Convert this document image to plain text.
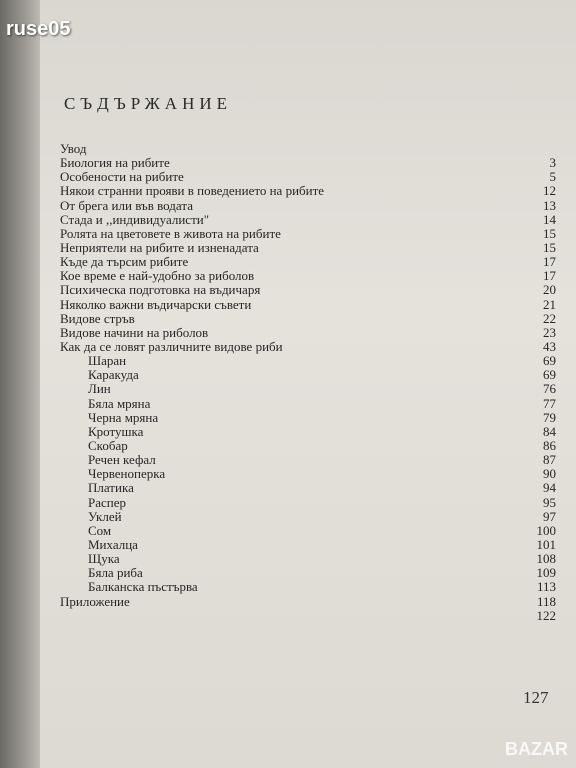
ruse05
СЪДЪРЖАНИЕ
Увод
Биология на рибите	3
Особености на рибите	5
Някои странни прояви в поведението на рибите	12
От брега или във водата	13
Стада и ,,индивидуалисти"	14
Ролята на цветовете в живота на рибите	15
Неприятели на рибите и изненадата	15
Къде да търсим рибите	17
Кое време е най-удобно за риболов	17
Психическа подготовка на въдичаря	20
Няколко важни въдичарски съвети	21
Видове стръв	22
Видове начини на риболов	23
Как да се ловят различните видове риби	43
Шаран	69
Каракуда	69
Лин	76
Бяла мряна	77
Черна мряна	79
Кротушка	84
Скобар	86
Речен кефал	87
Червеноперка	90
Платика	94
Распер	95
Уклей	97
Сом	100
Михалца	101
Щука	108
Бяла риба	109
Балканска пъстърва	113
Приложение	118
122
127
BAZAR
